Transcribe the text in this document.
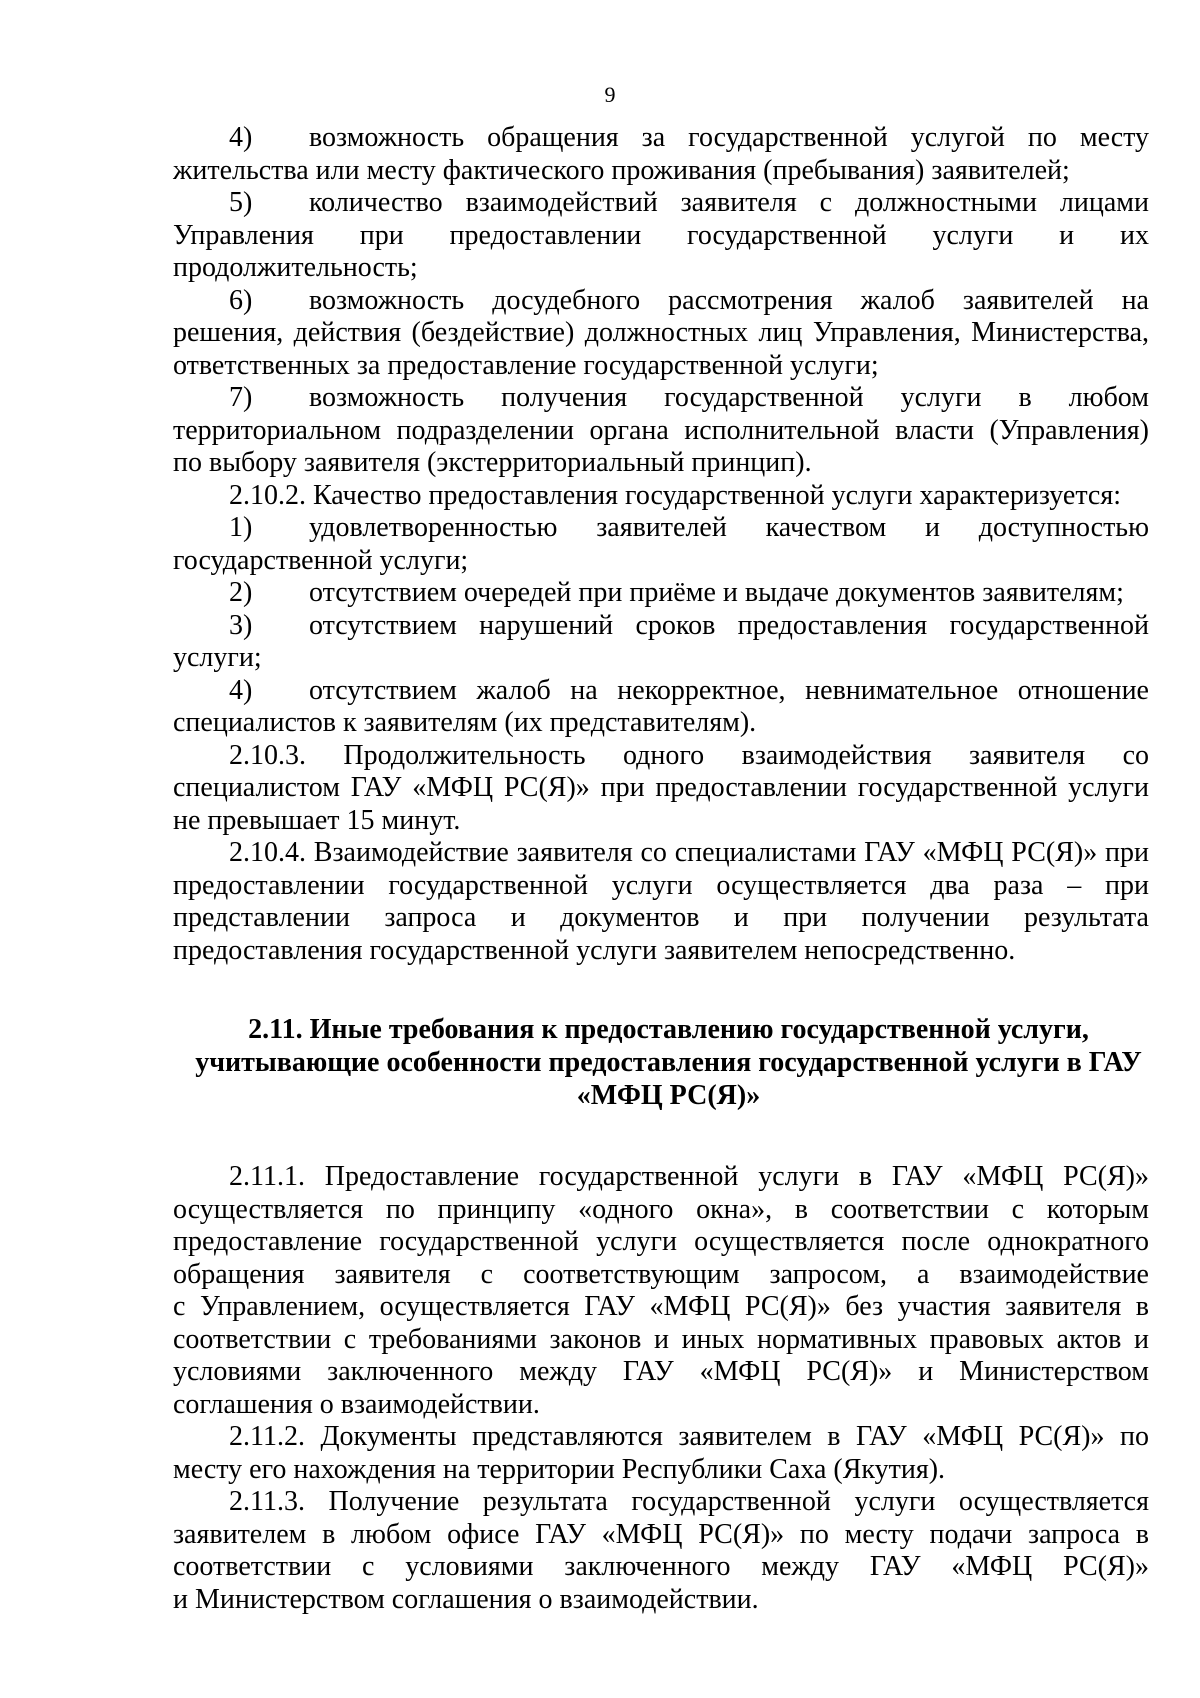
9
4) возможность обращения за государственной услугой по месту
жительства или месту фактического проживания (пребывания) заявителей;
5) количество взаимодействий заявителя с должностными лицами
Управления при предоставлении государственной услуги и их
продолжительность;
6) возможность досудебного рассмотрения жалоб заявителей на
решения, действия (бездействие) должностных лиц Управления, Министерства,
ответственных за предоставление государственной услуги;
7) возможность получения государственной услуги в любом
территориальном подразделении органа исполнительной власти (Управления)
по выбору заявителя (экстерриториальный принцип).
2.10.2. Качество предоставления государственной услуги характеризуется:
1) удовлетворенностью заявителей качеством и доступностью
государственной услуги;
2) отсутствием очередей при приёме и выдаче документов заявителям;
3) отсутствием нарушений сроков предоставления государственной
услуги;
4) отсутствием жалоб на некорректное, невнимательное отношение
специалистов к заявителям (их представителям).
2.10.3. Продолжительность одного взаимодействия заявителя со
специалистом ГАУ «МФЦ РС(Я)» при предоставлении государственной услуги
не превышает 15 минут.
2.10.4. Взаимодействие заявителя со специалистами ГАУ «МФЦ РС(Я)» при
предоставлении государственной услуги осуществляется два раза – при
представлении запроса и документов и при получении результата
предоставления государственной услуги заявителем непосредственно.
2.11. Иные требования к предоставлению государственной услуги,
учитывающие особенности предоставления государственной услуги в ГАУ
«МФЦ РС(Я)»
2.11.1. Предоставление государственной услуги в ГАУ «МФЦ РС(Я)»
осуществляется по принципу «одного окна», в соответствии с которым
предоставление государственной услуги осуществляется после однократного
обращения заявителя с соответствующим запросом, а взаимодействие
с Управлением, осуществляется ГАУ «МФЦ РС(Я)» без участия заявителя в
соответствии с требованиями законов и иных нормативных правовых актов и
условиями заключенного между ГАУ «МФЦ РС(Я)» и Министерством
соглашения о взаимодействии.
2.11.2. Документы представляются заявителем в ГАУ «МФЦ РС(Я)» по
месту его нахождения на территории Республики Саха (Якутия).
2.11.3. Получение результата государственной услуги осуществляется
заявителем в любом офисе ГАУ «МФЦ РС(Я)» по месту подачи запроса в
соответствии с условиями заключенного между ГАУ «МФЦ РС(Я)»
и Министерством соглашения о взаимодействии.
